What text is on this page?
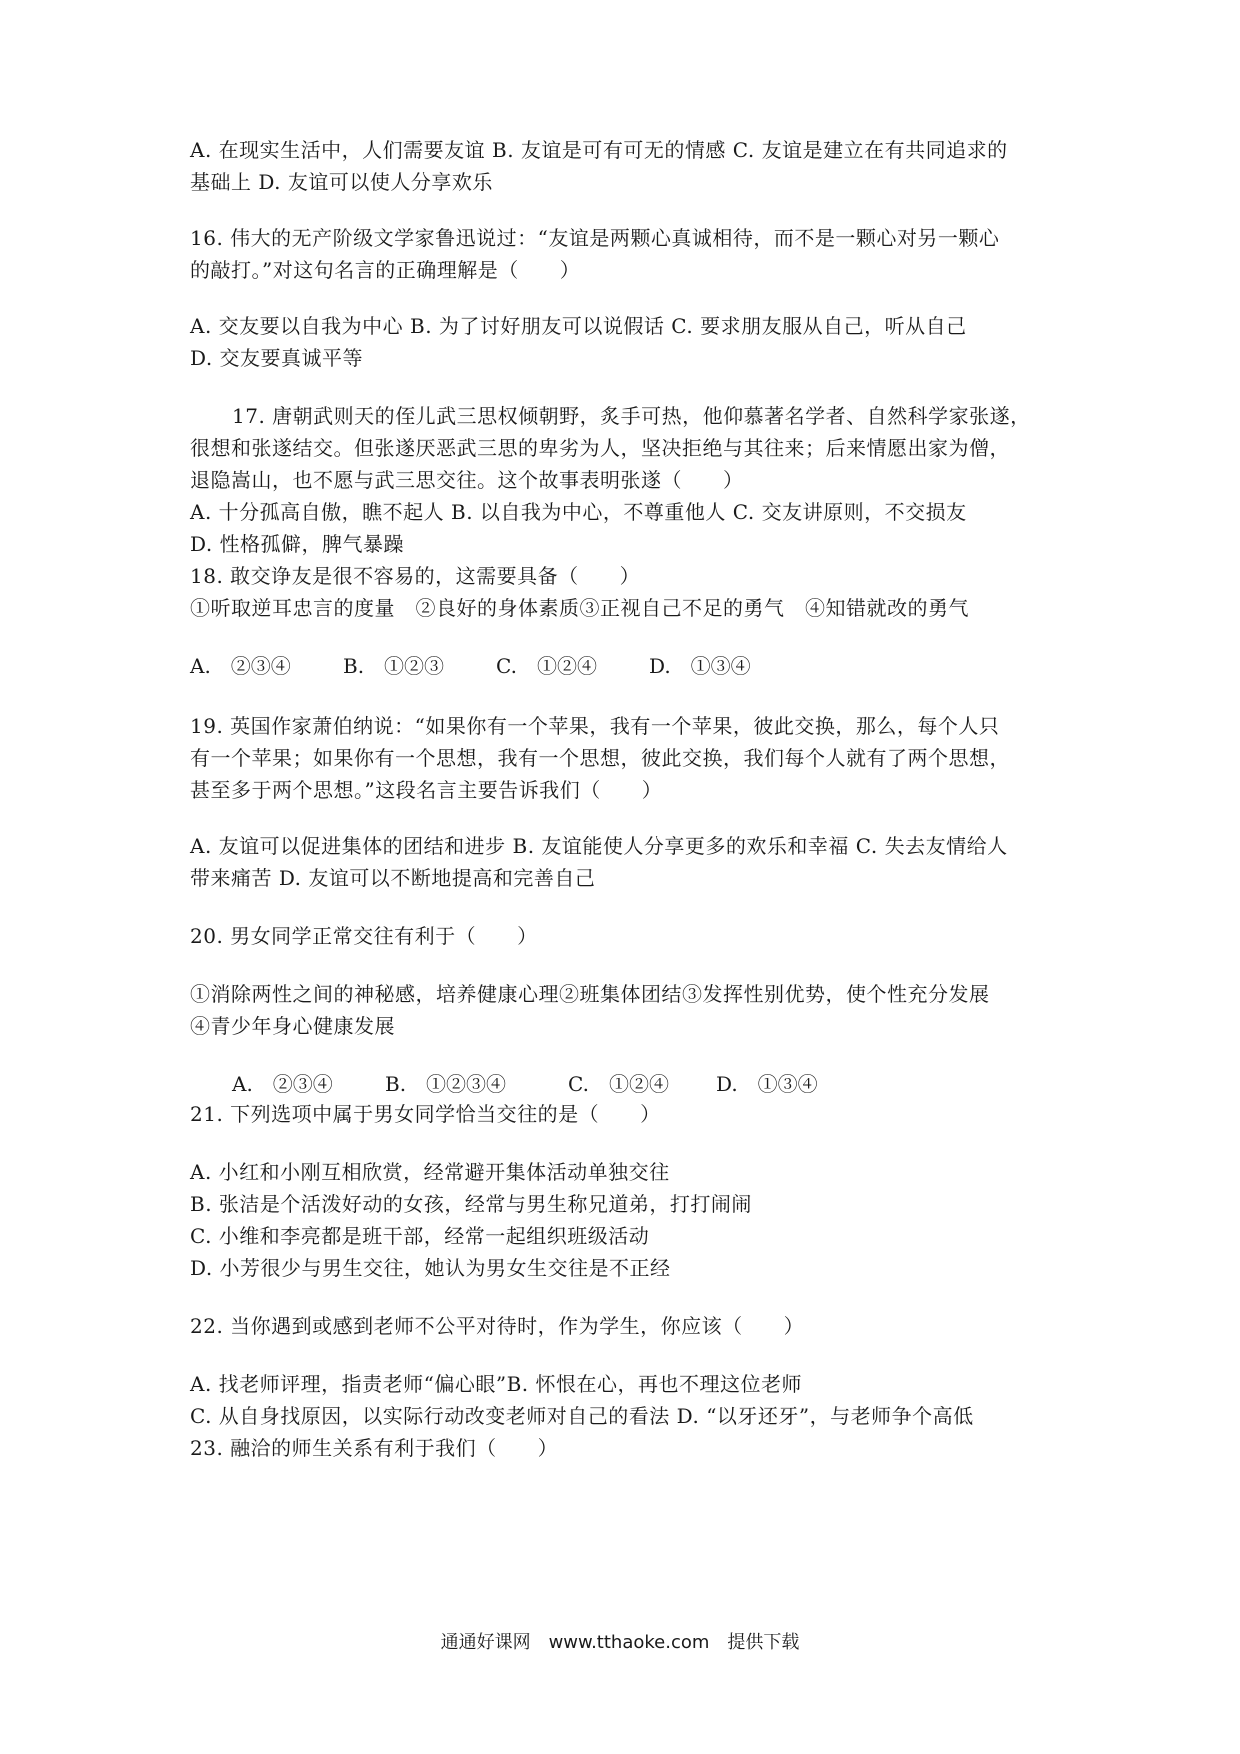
A. 在现实生活中，人们需要友谊 B. 友谊是可有可无的情感 C. 友谊是建立在有共同追求的
基础上 D. 友谊可以使人分享欢乐
16. 伟大的无产阶级文学家鲁迅说过：“友谊是两颗心真诚相待，而不是一颗心对另一颗心
的敲打。”对这句名言的正确理解是（　　）
A. 交友要以自我为中心 B. 为了讨好朋友可以说假话 C. 要求朋友服从自己，听从自己
D. 交友要真诚平等
17. 唐朝武则天的侄儿武三思权倾朝野，炙手可热，他仰慕著名学者、自然科学家张遂，
很想和张遂结交。但张遂厌恶武三思的卑劣为人，坚决拒绝与其往来；后来情愿出家为僧，
退隐嵩山，也不愿与武三思交往。这个故事表明张遂（　　）
A. 十分孤高自傲，瞧不起人 B. 以自我为中心，不尊重他人 C. 交友讲原则，不交损友
D. 性格孤僻，脾气暴躁
18. 敢交诤友是很不容易的，这需要具备（　　）
①听取逆耳忠言的度量　②良好的身体素质③正视自己不足的勇气　④知错就改的勇气
A.　②③④	B.　①②③	C.　①②④	D.　①③④
19. 英国作家萧伯纳说：“如果你有一个苹果，我有一个苹果，彼此交换，那么，每个人只
有一个苹果；如果你有一个思想，我有一个思想，彼此交换，我们每个人就有了两个思想，
甚至多于两个思想。”这段名言主要告诉我们（　　）
A. 友谊可以促进集体的团结和进步 B. 友谊能使人分享更多的欢乐和幸福 C. 失去友情给人
带来痛苦 D. 友谊可以不断地提高和完善自己
20. 男女同学正常交往有利于（　　）
①消除两性之间的神秘感，培养健康心理②班集体团结③发挥性别优势，使个性充分发展
④青少年身心健康发展
A.　②③④	B.　①②③④	C.　①②④ D.　①③④
21. 下列选项中属于男女同学恰当交往的是（　　）
A. 小红和小刚互相欣赏，经常避开集体活动单独交往
B. 张洁是个活泼好动的女孩，经常与男生称兄道弟，打打闹闹
C. 小维和李亮都是班干部，经常一起组织班级活动
D. 小芳很少与男生交往，她认为男女生交往是不正经
22. 当你遇到或感到老师不公平对待时，作为学生，你应该（　　）
A. 找老师评理，指责老师“偏心眼”B. 怀恨在心，再也不理这位老师
C. 从自身找原因，以实际行动改变老师对自己的看法 D. “以牙还牙”，与老师争个高低
23. 融洽的师生关系有利于我们（　　）
通通好课网　www.tthaoke.com　提供下载
